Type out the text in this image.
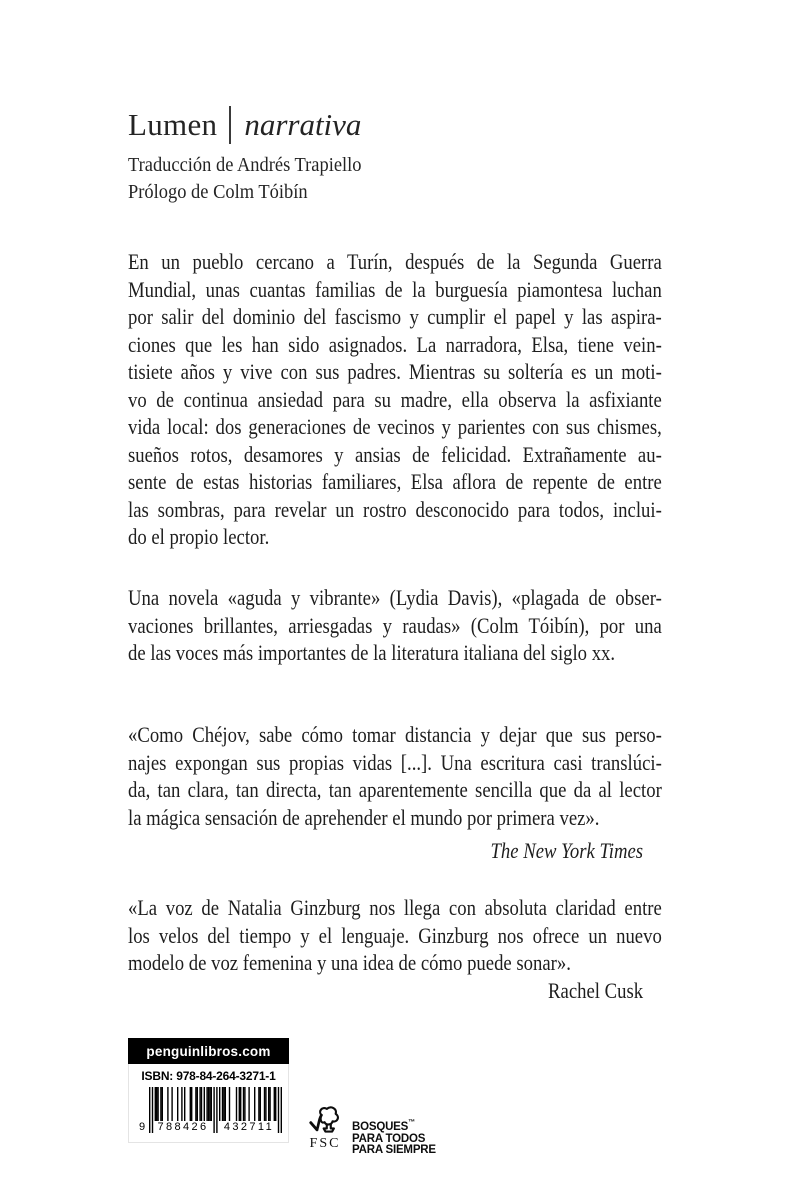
Lumen narrativa
Traducción de Andrés Trapiello
Prólogo de Colm Tóibín
En un pueblo cercano a Turín, después de la Segunda Guerra
Mundial, unas cuantas familias de la burguesía piamontesa luchan
por salir del dominio del fascismo y cumplir el papel y las aspira-
ciones que les han sido asignados. La narradora, Elsa, tiene vein-
tisiete años y vive con sus padres. Mientras su soltería es un moti-
vo de continua ansiedad para su madre, ella observa la asfixiante
vida local: dos generaciones de vecinos y parientes con sus chismes,
sueños rotos, desamores y ansias de felicidad. Extrañamente au-
sente de estas historias familiares, Elsa aflora de repente de entre
las sombras, para revelar un rostro desconocido para todos, inclui-
do el propio lector.
Una novela «aguda y vibrante» (Lydia Davis), «plagada de obser-
vaciones brillantes, arriesgadas y raudas» (Colm Tóibín), por una
de las voces más importantes de la literatura italiana del siglo xx.
«Como Chéjov, sabe cómo tomar distancia y dejar que sus perso-
najes expongan sus propias vidas [...]. Una escritura casi translúci-
da, tan clara, tan directa, tan aparentemente sencilla que da al lector
la mágica sensación de aprehender el mundo por primera vez».
The New York Times
«La voz de Natalia Ginzburg nos llega con absoluta claridad entre
los velos del tiempo y el lenguaje. Ginzburg nos ofrece un nuevo
modelo de voz femenina y una idea de cómo puede sonar».
Rachel Cusk
penguinlibros.com
ISBN: 978-84-264-3271-1
9	788426	432711
FSC
BOSQUES™
PARA TODOS
PARA SIEMPRE
